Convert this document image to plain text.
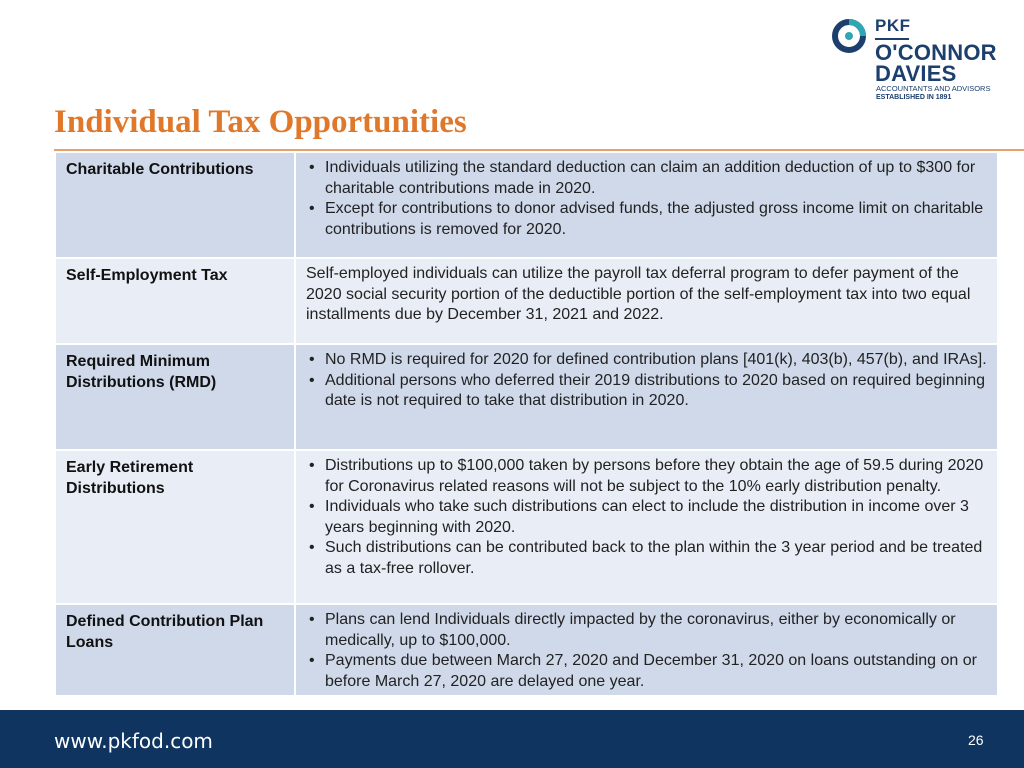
PKF
O'CONNOR
DAVIES
ACCOUNTANTS AND ADVISORS
ESTABLISHED IN 1891
Individual Tax Opportunities
Charitable Contributions
•	Individuals utilizing the standard deduction can claim an addition deduction of up to $300 for charitable contributions made in 2020.
• Except for contributions to donor advised funds, the adjusted gross income limit on charitable contributions is removed for 2020.
Self-Employment Tax	Self-employed individuals can utilize the payroll tax deferral program to defer payment of the 2020 social security portion of the deductible portion of the self-employment tax into two equal installments due by December 31, 2021 and 2022.
Required Minimum Distributions (RMD)
• No RMD is required for 2020 for defined contribution plans [401(k), 403(b), 457(b), and IRAs].
• Additional persons who deferred their 2019 distributions to 2020 based on required beginning date is not required to take that distribution in 2020.
Early Retirement Distributions
• Distributions up to $100,000 taken by persons before they obtain the age of 59.5 during 2020 for Coronavirus related reasons will not be subject to the 10% early distribution penalty.
• Individuals who take such distributions can elect to include the distribution in income over 3 years beginning with 2020.
• Such distributions can be contributed back to the plan within the 3 year period and be treated as a tax-free rollover.
Defined Contribution Plan Loans
• Plans can lend Individuals directly impacted by the coronavirus, either by economically or medically, up to $100,000.
• Payments due between March 27, 2020 and December 31, 2020 on loans outstanding on or before March 27, 2020 are delayed one year.
www.pkfod.com	26
